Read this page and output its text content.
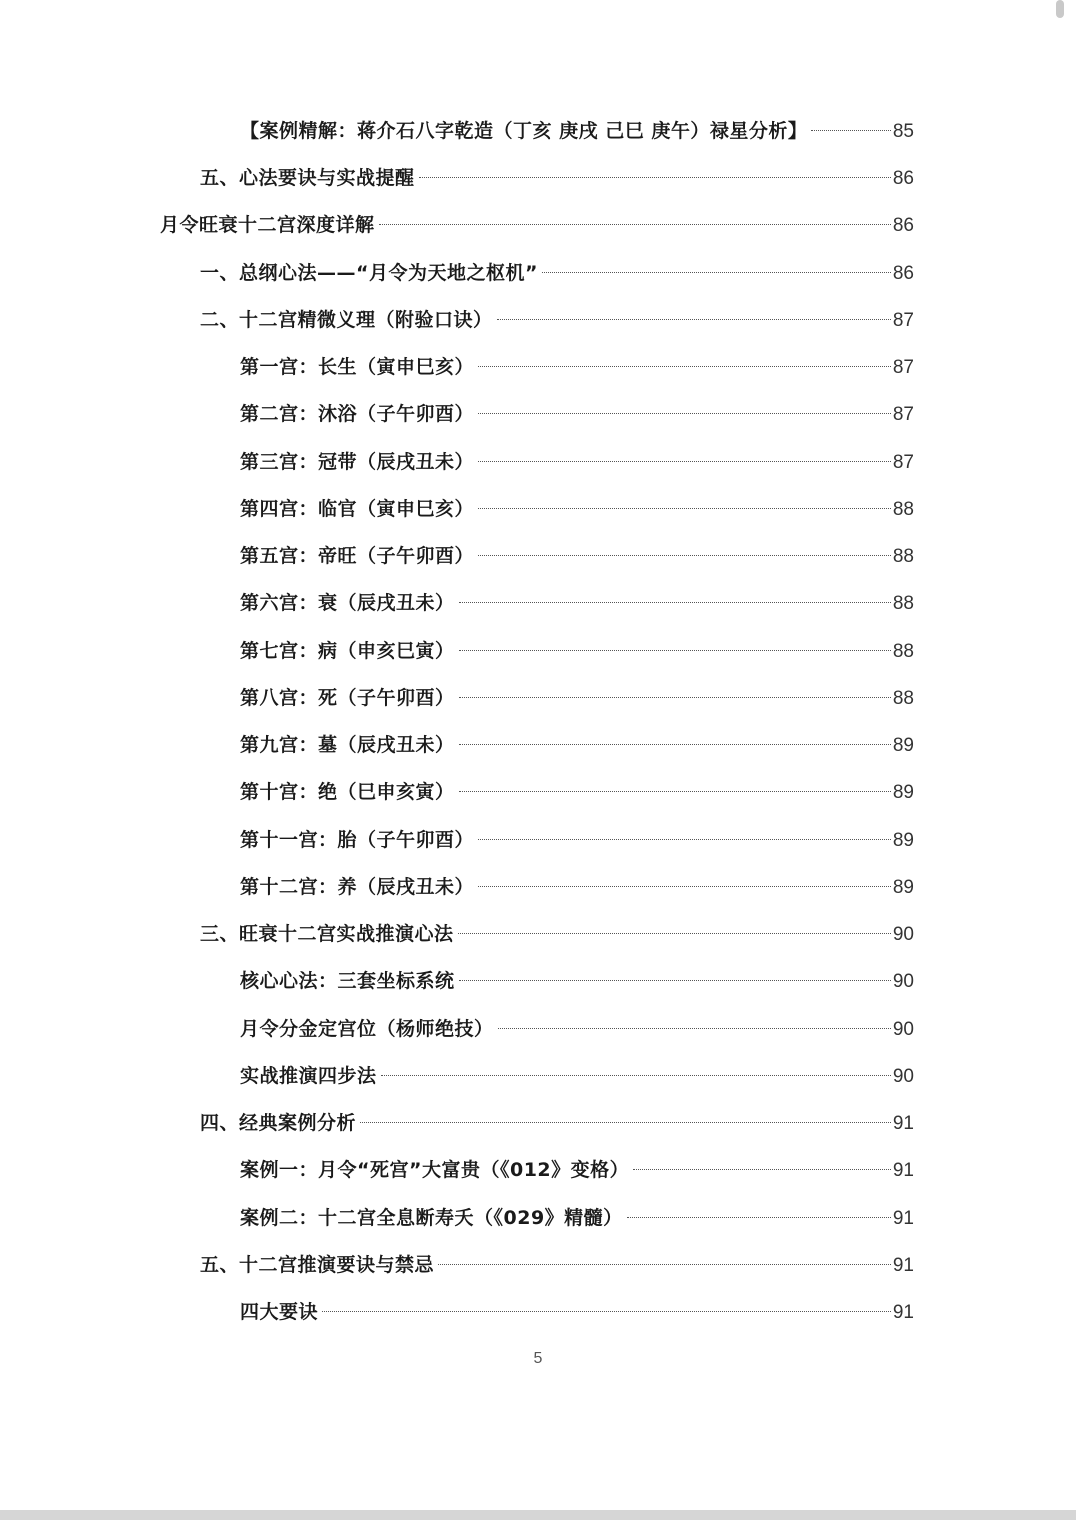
【案例精解：蒋介石八字乾造（丁亥 庚戌 己巳 庚午）禄星分析】	85
五、心法要诀与实战提醒	86
月令旺衰十二宫深度详解	86
一、总纲心法——“月令为天地之枢机”	86
二、十二宫精微义理（附验口诀）	87
第一宫：长生（寅申巳亥）	87
第二宫：沐浴（子午卯酉）	87
第三宫：冠带（辰戌丑未）	87
第四宫：临官（寅申巳亥）	88
第五宫：帝旺（子午卯酉）	88
第六宫：衰（辰戌丑未）	88
第七宫：病（申亥巳寅）	88
第八宫：死（子午卯酉）	88
第九宫：墓（辰戌丑未）	89
第十宫：绝（巳申亥寅）	89
第十一宫：胎（子午卯酉）	89
第十二宫：养（辰戌丑未）	89
三、旺衰十二宫实战推演心法	90
核心心法：三套坐标系统	90
月令分金定宫位（杨师绝技）	90
实战推演四步法	90
四、经典案例分析	91
案例一：月令“死宫”大富贵（《012》变格）	91
案例二：十二宫全息断寿夭（《029》精髓）	91
五、十二宫推演要诀与禁忌	91
四大要诀	91
5
